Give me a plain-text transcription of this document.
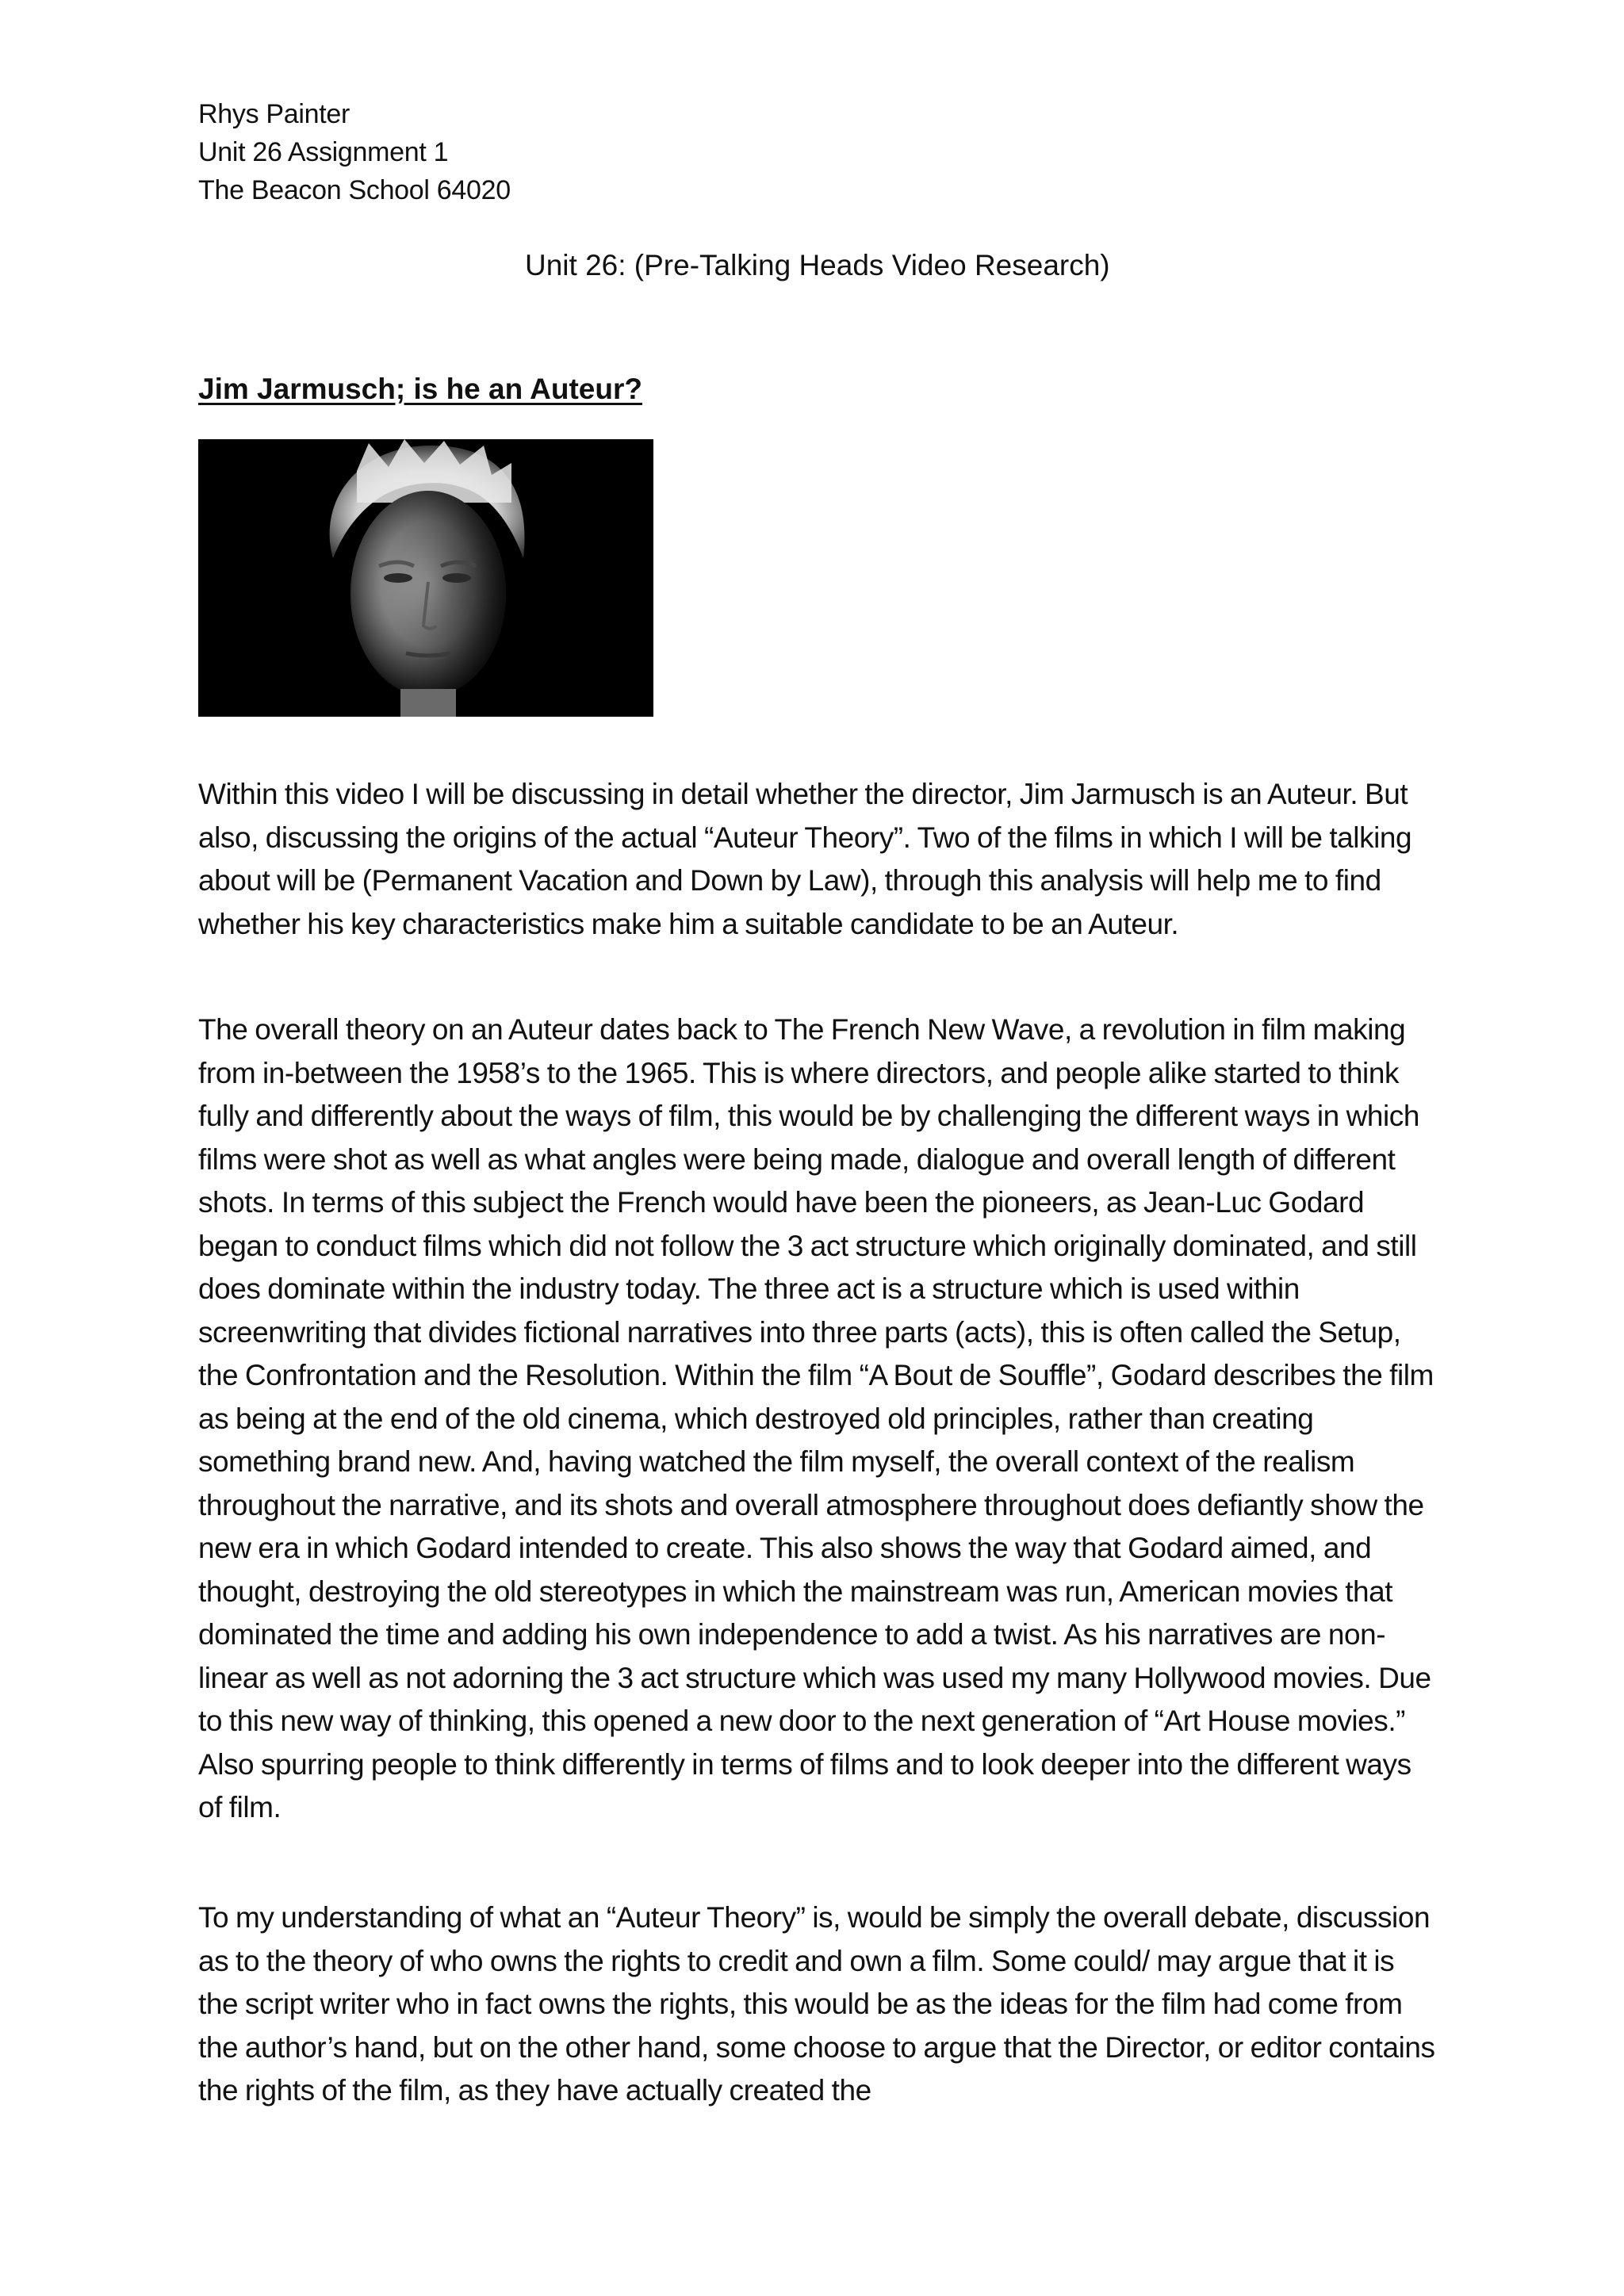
Rhys Painter
Unit 26 Assignment 1
The Beacon School 64020
Unit 26: (Pre-Talking Heads Video Research)
Jim Jarmusch; is he an Auteur?

Within this video I will be discussing in detail whether the director, Jim Jarmusch is an Auteur. But also, discussing the origins of the actual “Auteur Theory”. Two of the films in which I will be talking about will be (Permanent Vacation and Down by Law), through this analysis will help me to find whether his key characteristics make him a suitable candidate to be an Auteur.

The overall theory on an Auteur dates back to The French New Wave, a revolution in film making from in-between the 1958’s to the 1965. This is where directors, and people alike started to think fully and differently about the ways of film, this would be by challenging the different ways in which films were shot as well as what angles were being made, dialogue and overall length of different shots. In terms of this subject the French would have been the pioneers, as Jean-Luc Godard began to conduct films which did not follow the 3 act structure which originally dominated, and still does dominate within the industry today. The three act is a structure which is used within screenwriting that divides fictional narratives into three parts (acts), this is often called the Setup, the Confrontation and the Resolution. Within the film “A Bout de Souffle”, Godard describes the film as being at the end of the old cinema, which destroyed old principles, rather than creating something brand new. And, having watched the film myself, the overall context of the realism throughout the narrative, and its shots and overall atmosphere throughout does defiantly show the new era in which Godard intended to create. This also shows the way that Godard aimed, and thought, destroying the old stereotypes in which the mainstream was run, American movies that dominated the time and adding his own independence to add a twist. As his narratives are non-linear as well as not adorning the 3 act structure which was used my many Hollywood movies. Due to this new way of thinking, this opened a new door to the next generation of “Art House movies.” Also spurring people to think differently in terms of films and to look deeper into the different ways of film.

To my understanding of what an “Auteur Theory” is, would be simply the overall debate, discussion as to the theory of who owns the rights to credit and own a film. Some could/ may argue that it is the script writer who in fact owns the rights, this would be as the ideas for the film had come from the author’s hand, but on the other hand, some choose to argue that the Director, or editor contains the rights of the film, as they have actually created the
